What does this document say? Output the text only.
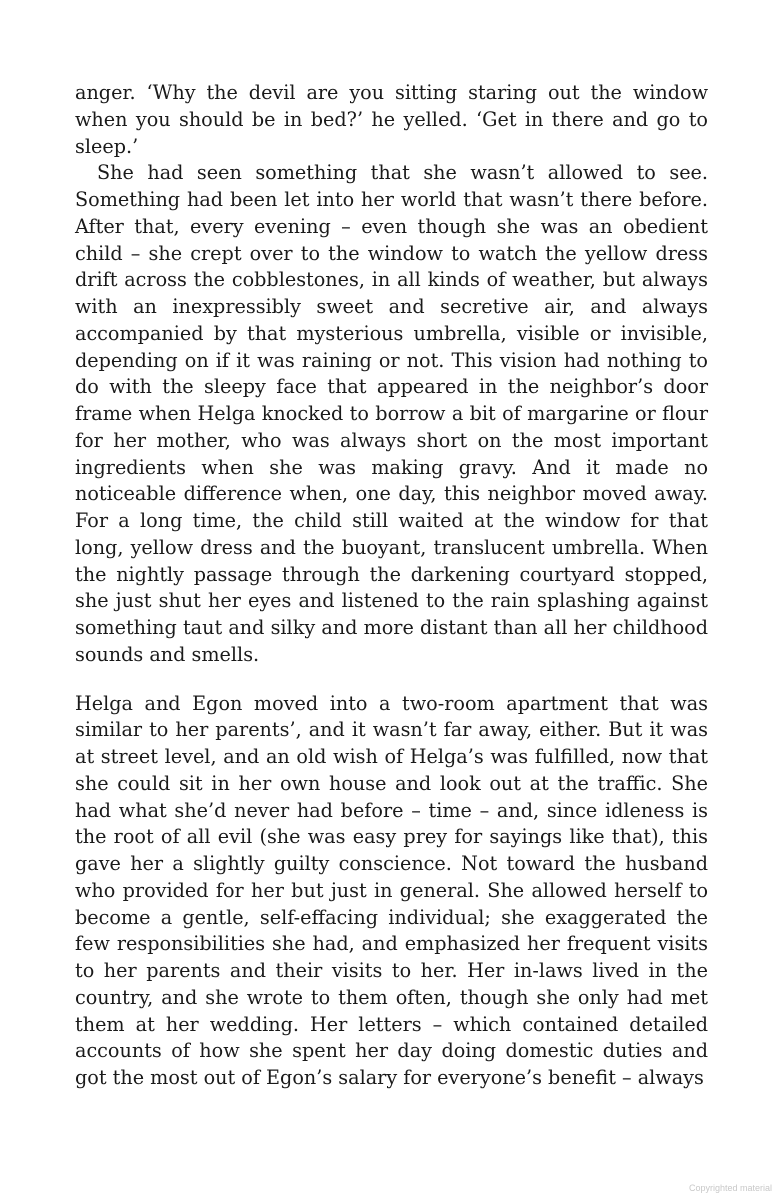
anger. ‘Why the devil are you sitting staring out the window when you should be in bed?’ he yelled. ‘Get in there and go to sleep.’

She had seen something that she wasn’t allowed to see. Something had been let into her world that wasn’t there before. After that, every evening – even though she was an obedient child – she crept over to the window to watch the yellow dress drift across the cobblestones, in all kinds of weather, but always with an inexpressibly sweet and secretive air, and always accompanied by that mysterious umbrella, visible or invisible, depending on if it was raining or not. This vision had nothing to do with the sleepy face that appeared in the neighbor’s door frame when Helga knocked to borrow a bit of margarine or flour for her mother, who was always short on the most important ingredients when she was making gravy. And it made no noticeable difference when, one day, this neighbor moved away. For a long time, the child still waited at the window for that long, yellow dress and the buoyant, translucent umbrella. When the nightly passage through the darkening courtyard stopped, she just shut her eyes and listened to the rain splashing against something taut and silky and more distant than all her childhood sounds and smells.

Helga and Egon moved into a two-room apartment that was similar to her parents’, and it wasn’t far away, either. But it was at street level, and an old wish of Helga’s was fulfilled, now that she could sit in her own house and look out at the traffic. She had what she’d never had before – time – and, since idleness is the root of all evil (she was easy prey for sayings like that), this gave her a slightly guilty conscience. Not toward the husband who provided for her but just in general. She allowed herself to become a gentle, self-effacing individual; she exaggerated the few responsibilities she had, and emphasized her frequent visits to her parents and their visits to her. Her in-laws lived in the country, and she wrote to them often, though she only had met them at her wedding. Her letters – which contained detailed accounts of how she spent her day doing domestic duties and got the most out of Egon’s salary for everyone’s benefit – always

Copyrighted material
